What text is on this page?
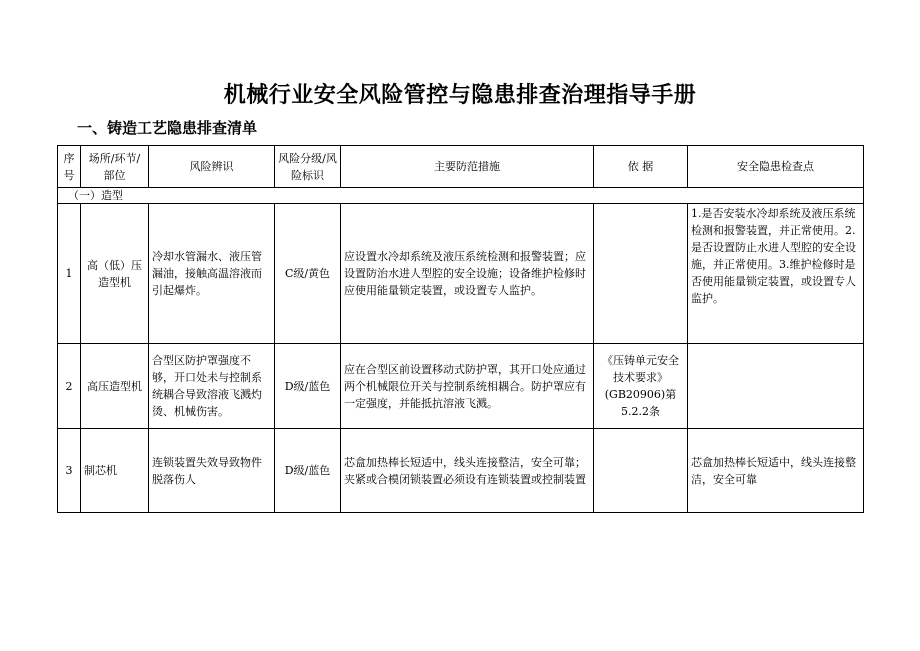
机械行业安全风险管控与隐患排查治理指导手册
一、铸造工艺隐患排查清单
序号	场所/环节/部位	风险辨识	风险分级/风险标识	主要防范措施	依 据	安全隐患检查点
（一）造型						
1	高（低）压造型机	冷却水管漏水、液压管漏油，接触高温溶液而引起爆炸。	C级/黄色	应设置水冷却系统及液压系统检测和报警装置；应设置防治水进人型腔的安全设施；设备维护检修时应使用能量锁定装置，或设置专人监护。		1.是否安装水冷却系统及液压系统检测和报警装置，并正常使用。2.是否设置防止水进人型腔的安全设施，并正常使用。3.维护检修时是否使用能量锁定装置，或设置专人监护。
2	高压造型机	合型区防护罩强度不够，开口处未与控制系统耦合导致溶液飞溅灼 烫、机械伤害。	D级/蓝色	应在合型区前设置移动式防护罩，其开口处应通过两个机械限位开关与控制系统相耦合。防护罩应有一定强度，并能抵抗溶液飞溅。	《压铸单元安全技术要求》(GB20906)第5.2.2条	
3	制芯机	连锁装置失效导致物件脱落伤人	D级/蓝色	芯盒加热棒长短适中，线头连接整洁，安全可靠；夹紧或合模闭锁装置必须设有连锁装置或控制装置		芯盒加热棒长短适中，线头连接整洁，安全可靠
